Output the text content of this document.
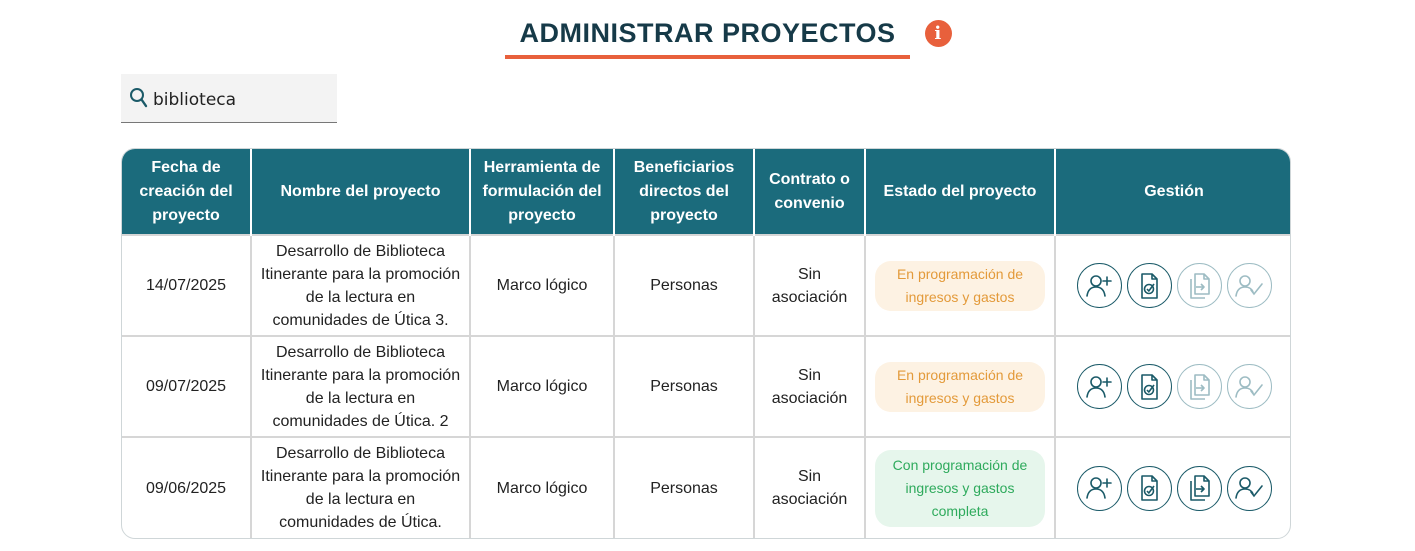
ADMINISTRAR PROYECTOS	i
biblioteca
Fecha de creación del proyecto	Nombre del proyecto	Herramienta de formulación del proyecto	Beneficiarios directos del proyecto	Contrato o convenio	Estado del proyecto	Gestión
14/07/2025	Desarrollo de Biblioteca Itinerante para la promoción de la lectura en comunidades de Útica 3.	Marco lógico	Personas	Sin asociación	En programación de ingresos y gastos	

09/07/2025	Desarrollo de Biblioteca Itinerante para la promoción de la lectura en comunidades de Útica. 2	Marco lógico	Personas	Sin asociación	En programación de ingresos y gastos	

09/06/2025	Desarrollo de Biblioteca Itinerante para la promoción de la lectura en comunidades de Útica.	Marco lógico	Personas	Sin asociación	Con programación de ingresos y gastos completa	
